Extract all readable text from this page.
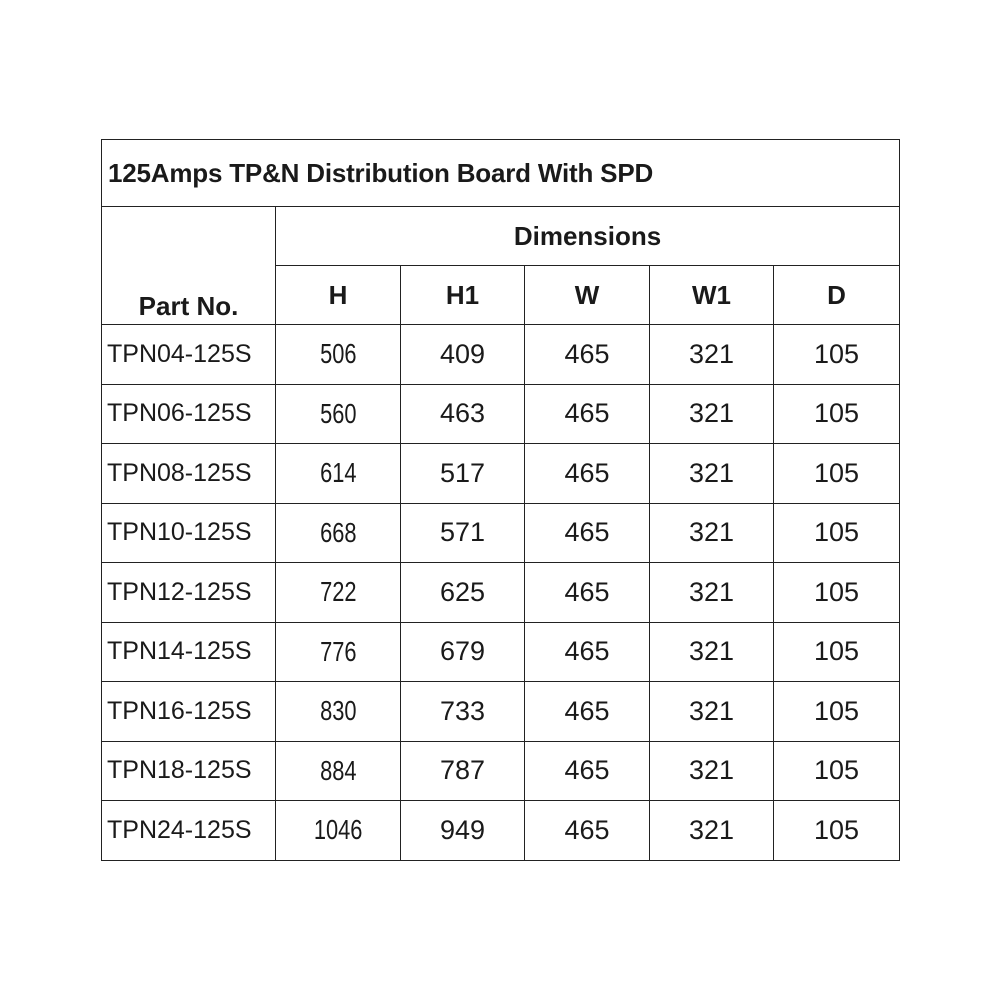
125Amps TP&N Distribution Board With SPD					
Part No.	Dimensions				
	H	H1	W	W1	D
TPN04-125S	506	409	465	321	105
TPN06-125S	560	463	465	321	105
TPN08-125S	614	517	465	321	105
TPN10-125S	668	571	465	321	105
TPN12-125S	722	625	465	321	105
TPN14-125S	776	679	465	321	105
TPN16-125S	830	733	465	321	105
TPN18-125S	884	787	465	321	105
TPN24-125S	1046	949	465	321	105
